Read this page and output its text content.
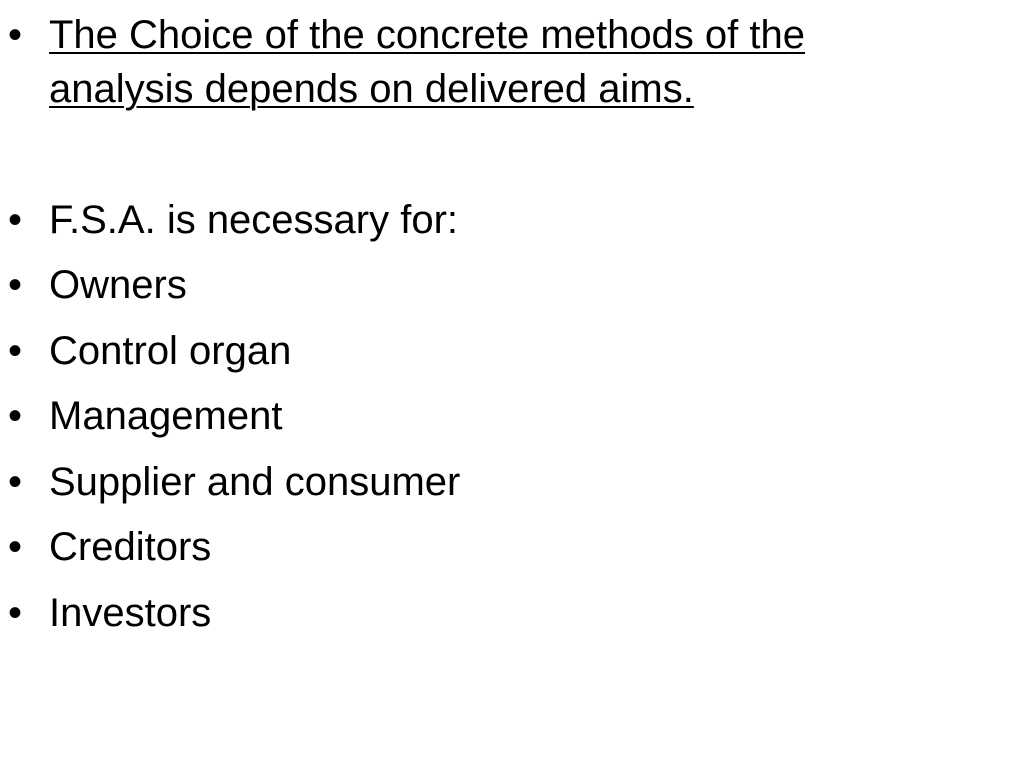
• The Choice of the concrete methods of the analysis depends on delivered aims.
• F.S.A. is necessary for:
• Owners
• Control organ
• Management
• Supplier and consumer
• Creditors
• Investors
